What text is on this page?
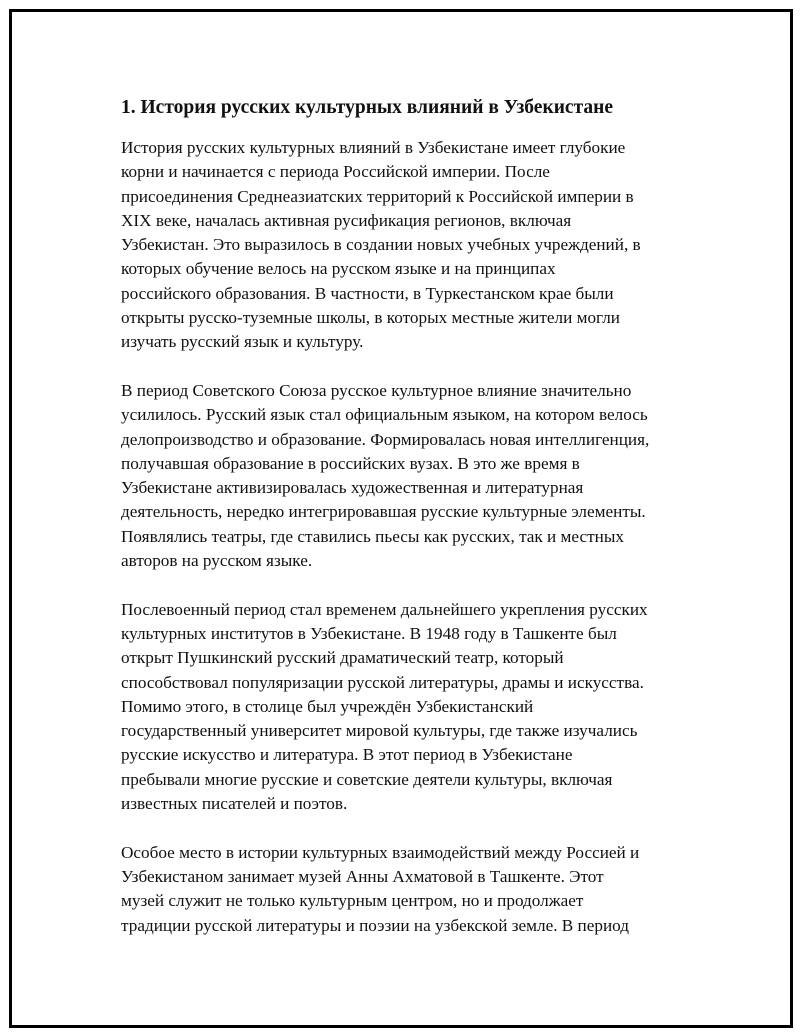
1. История русских культурных влияний в Узбекистане

История русских культурных влияний в Узбекистане имеет глубокие
корни и начинается с периода Российской империи. После
присоединения Среднеазиатских территорий к Российской империи в
XIX веке, началась активная русификация регионов, включая
Узбекистан. Это выразилось в создании новых учебных учреждений, в
которых обучение велось на русском языке и на принципах
российского образования. В частности, в Туркестанском крае были
открыты русско-туземные школы, в которых местные жители могли
изучать русский язык и культуру.

В период Советского Союза русское культурное влияние значительно
усилилось. Русский язык стал официальным языком, на котором велось
делопроизводство и образование. Формировалась новая интеллигенция,
получавшая образование в российских вузах. В это же время в
Узбекистане активизировалась художественная и литературная
деятельность, нередко интегрировавшая русские культурные элементы.
Появлялись театры, где ставились пьесы как русских, так и местных
авторов на русском языке.

Послевоенный период стал временем дальнейшего укрепления русских
культурных институтов в Узбекистане. В 1948 году в Ташкенте был
открыт Пушкинский русский драматический театр, который
способствовал популяризации русской литературы, драмы и искусства.
Помимо этого, в столице был учреждён Узбекистанский
государственный университет мировой культуры, где также изучались
русские искусство и литература. В этот период в Узбекистане
пребывали многие русские и советские деятели культуры, включая
известных писателей и поэтов.

Особое место в истории культурных взаимодействий между Россией и
Узбекистаном занимает музей Анны Ахматовой в Ташкенте. Этот
музей служит не только культурным центром, но и продолжает
традиции русской литературы и поэзии на узбекской земле. В период
